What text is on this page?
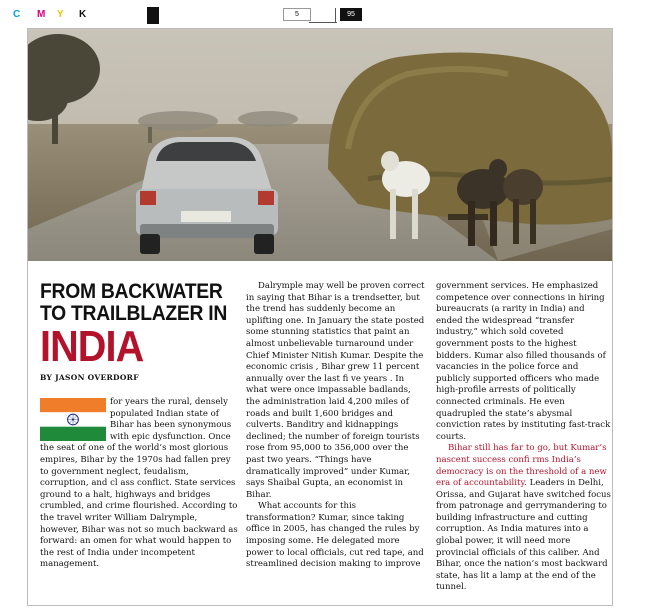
C M Y K	5	95
FROM BACKWATER
TO TRAILBLAZER IN
INDIA
BY JASON OVERDORF

for years the rural, densely populated Indian state of Bihar has been synonymous with epic dysfunction. Once the seat of one of the world’s most glorious empires, Bihar by the 1970s had fallen prey to government neglect, feudalism, corruption, and cl ass conflict. State services ground to a halt, highways and bridges crumbled, and crime flourished. According to the travel writer William Dalrymple, however, Bihar was not so much backward as forward: an omen for what would happen to the rest of India under incompetent management.

Dalrymple may well be proven correct in saying that Bihar is a trendsetter, but the trend has suddenly become an uplifting one. In January the state posted some stunning statistics that paint an almost unbelievable turnaround under Chief Minister Nitish Kumar. Despite the economic crisis , Bihar grew 11 percent annually over the last fi ve years . In what were once impassable badlands, the administration laid 4,200 miles of roads and built 1,600 bridges and culverts. Banditry and kidnappings declined; the number of foreign tourists rose from 95,000 to 356,000 over the past two years. “Things have dramatically improved” under Kumar, says Shaibal Gupta, an economist in Bihar.

What accounts for this transformation? Kumar, since taking office in 2005, has changed the rules by imposing some. He delegated more power to local officials, cut red tape, and streamlined decision making to improve

government services. He emphasized competence over connections in hiring bureaucrats (a rarity in India) and ended the widespread “transfer industry,” which sold coveted government posts to the highest bidders. Kumar also filled thousands of vacancies in the police force and publicly supported officers who made high-profile arrests of politically connected criminals. He even quadrupled the state’s abysmal conviction rates by instituting fast-track courts.

Bihar still has far to go, but Kumar’s nascent success confi rms India’s democracy is on the threshold of a new era of accountability. Leaders in Delhi, Orissa, and Gujarat have switched focus from patronage and gerrymandering to building infrastructure and cutting corruption. As India matures into a global power, it will need more provincial officials of this caliber. And Bihar, once the nation’s most backward state, has lit a lamp at the end of the tunnel.
